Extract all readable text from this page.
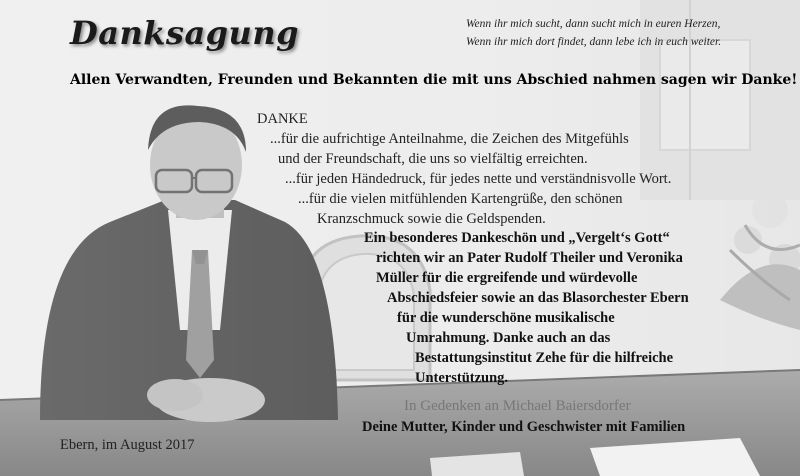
Danksagung	Wenn ihr mich sucht, dann sucht mich in euren Herzen,
Wenn ihr mich dort findet, dann lebe ich in euch weiter.
Allen Verwandten, Freunden und Bekannten die mit uns Abschied nahmen sagen wir Danke!
DANKE
...für die aufrichtige Anteilnahme, die Zeichen des Mitgefühls
und der Freundschaft, die uns so vielfältig erreichten.
...für jeden Händedruck, für jedes nette und verständnisvolle Wort.
...für die vielen mitfühlenden Kartengrüße, den schönen
Kranzschmuck sowie die Geldspenden.
Ein besonderes Dankeschön und „Vergelt‘s Gott“
richten wir an Pater Rudolf Theiler und Veronika
Müller für die ergreifende und würdevolle
Abschiedsfeier sowie an das Blasorchester Ebern
für die wunderschöne musikalische
Umrahmung. Danke auch an das
Bestattungsinstitut Zehe für die hilfreiche
Unterstützung.
In Gedenken an Michael Baiersdorfer
Deine Mutter, Kinder und Geschwister mit Familien
Ebern, im August 2017
